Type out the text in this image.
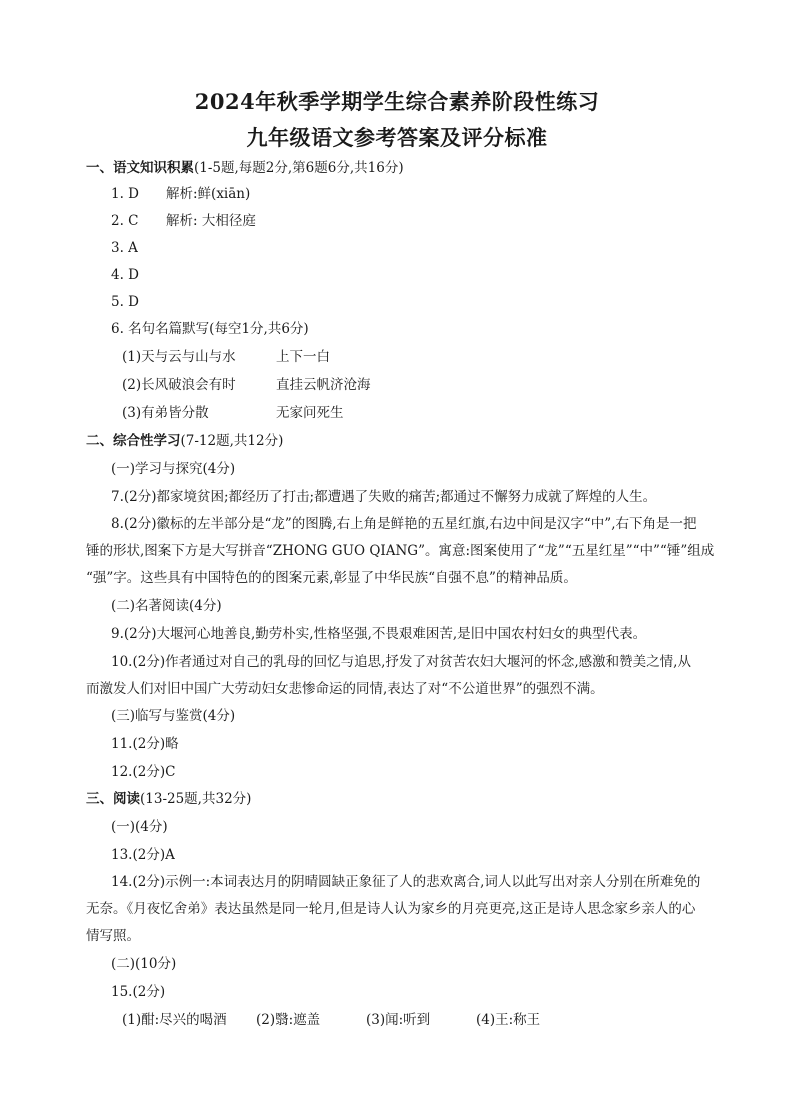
2024年秋季学期学生综合素养阶段性练习
九年级语文参考答案及评分标准
一、语文知识积累(1-5题,每题2分,第6题6分,共16分)
1. D 解析:鲜(xiān)
2. C 解析: 大相径庭
3. A
4. D
5. D
6. 名句名篇默写(每空1分,共6分)
(1)天与云与山与水	上下一白
(2)长风破浪会有时	直挂云帆济沧海
(3)有弟皆分散	无家问死生
二、综合性学习(7-12题,共12分)
(一)学习与探究(4分)
7.(2分)都家境贫困;都经历了打击;都遭遇了失败的痛苦;都通过不懈努力成就了辉煌的人生。
8.(2分)徽标的左半部分是“龙”的图腾,右上角是鲜艳的五星红旗,右边中间是汉字“中”,右下角是一把
锤的形状,图案下方是大写拼音“ZHONG GUO QIANG”。寓意:图案使用了“龙”“五星红星”“中”“锤”组成
“强”字。这些具有中国特色的的图案元素,彰显了中华民族“自强不息”的精神品质。
(二)名著阅读(4分)
9.(2分)大堰河心地善良,勤劳朴实,性格坚强,不畏艰难困苦,是旧中国农村妇女的典型代表。
10.(2分)作者通过对自己的乳母的回忆与追思,抒发了对贫苦农妇大堰河的怀念,感激和赞美之情,从
而激发人们对旧中国广大劳动妇女悲惨命运的同情,表达了对“不公道世界”的强烈不满。
(三)临写与鉴赏(4分)
11.(2分)略
12.(2分)C
三、阅读(13-25题,共32分)
(一)(4分)
13.(2分)A
14.(2分)示例一:本词表达月的阴晴圆缺正象征了人的悲欢离合,词人以此写出对亲人分别在所难免的
无奈。《月夜忆舍弟》表达虽然是同一轮月,但是诗人认为家乡的月亮更亮,这正是诗人思念家乡亲人的心
情写照。
(二)(10分)
15.(2分)
(1)酣:尽兴的喝酒 (2)翳:遮盖	(3)闻:听到	(4)王:称王
